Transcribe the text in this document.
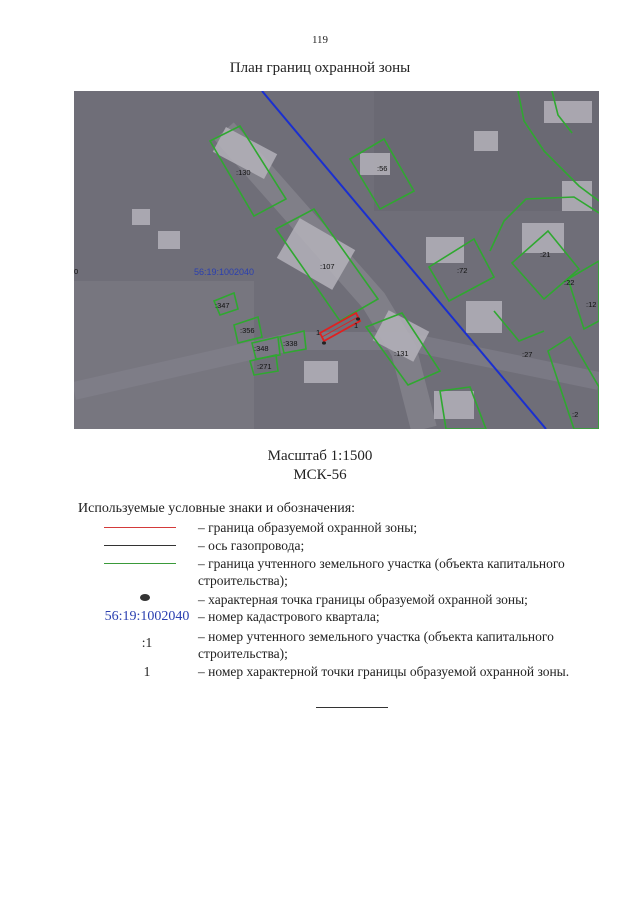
119
План границ охранной зоны
56:19:1002040
0
:130	:56
:107	:72
:21
:22
:12
:347
:356
:348
:338
:271
:131	:27
:2
1
1
Масштаб 1:1500
МСК-56
Используемые условные знаки и обозначения:
– граница образуемой охранной зоны;
– ось газопровода;
– граница учтенного земельного участка (объекта капитального строительства);
– характерная точка границы образуемой охранной зоны;
56:19:1002040 – номер кадастрового квартала;
:1	– номер учтенного земельного участка (объекта капитального строительства);
1	– номер характерной точки границы образуемой охранной зоны.
